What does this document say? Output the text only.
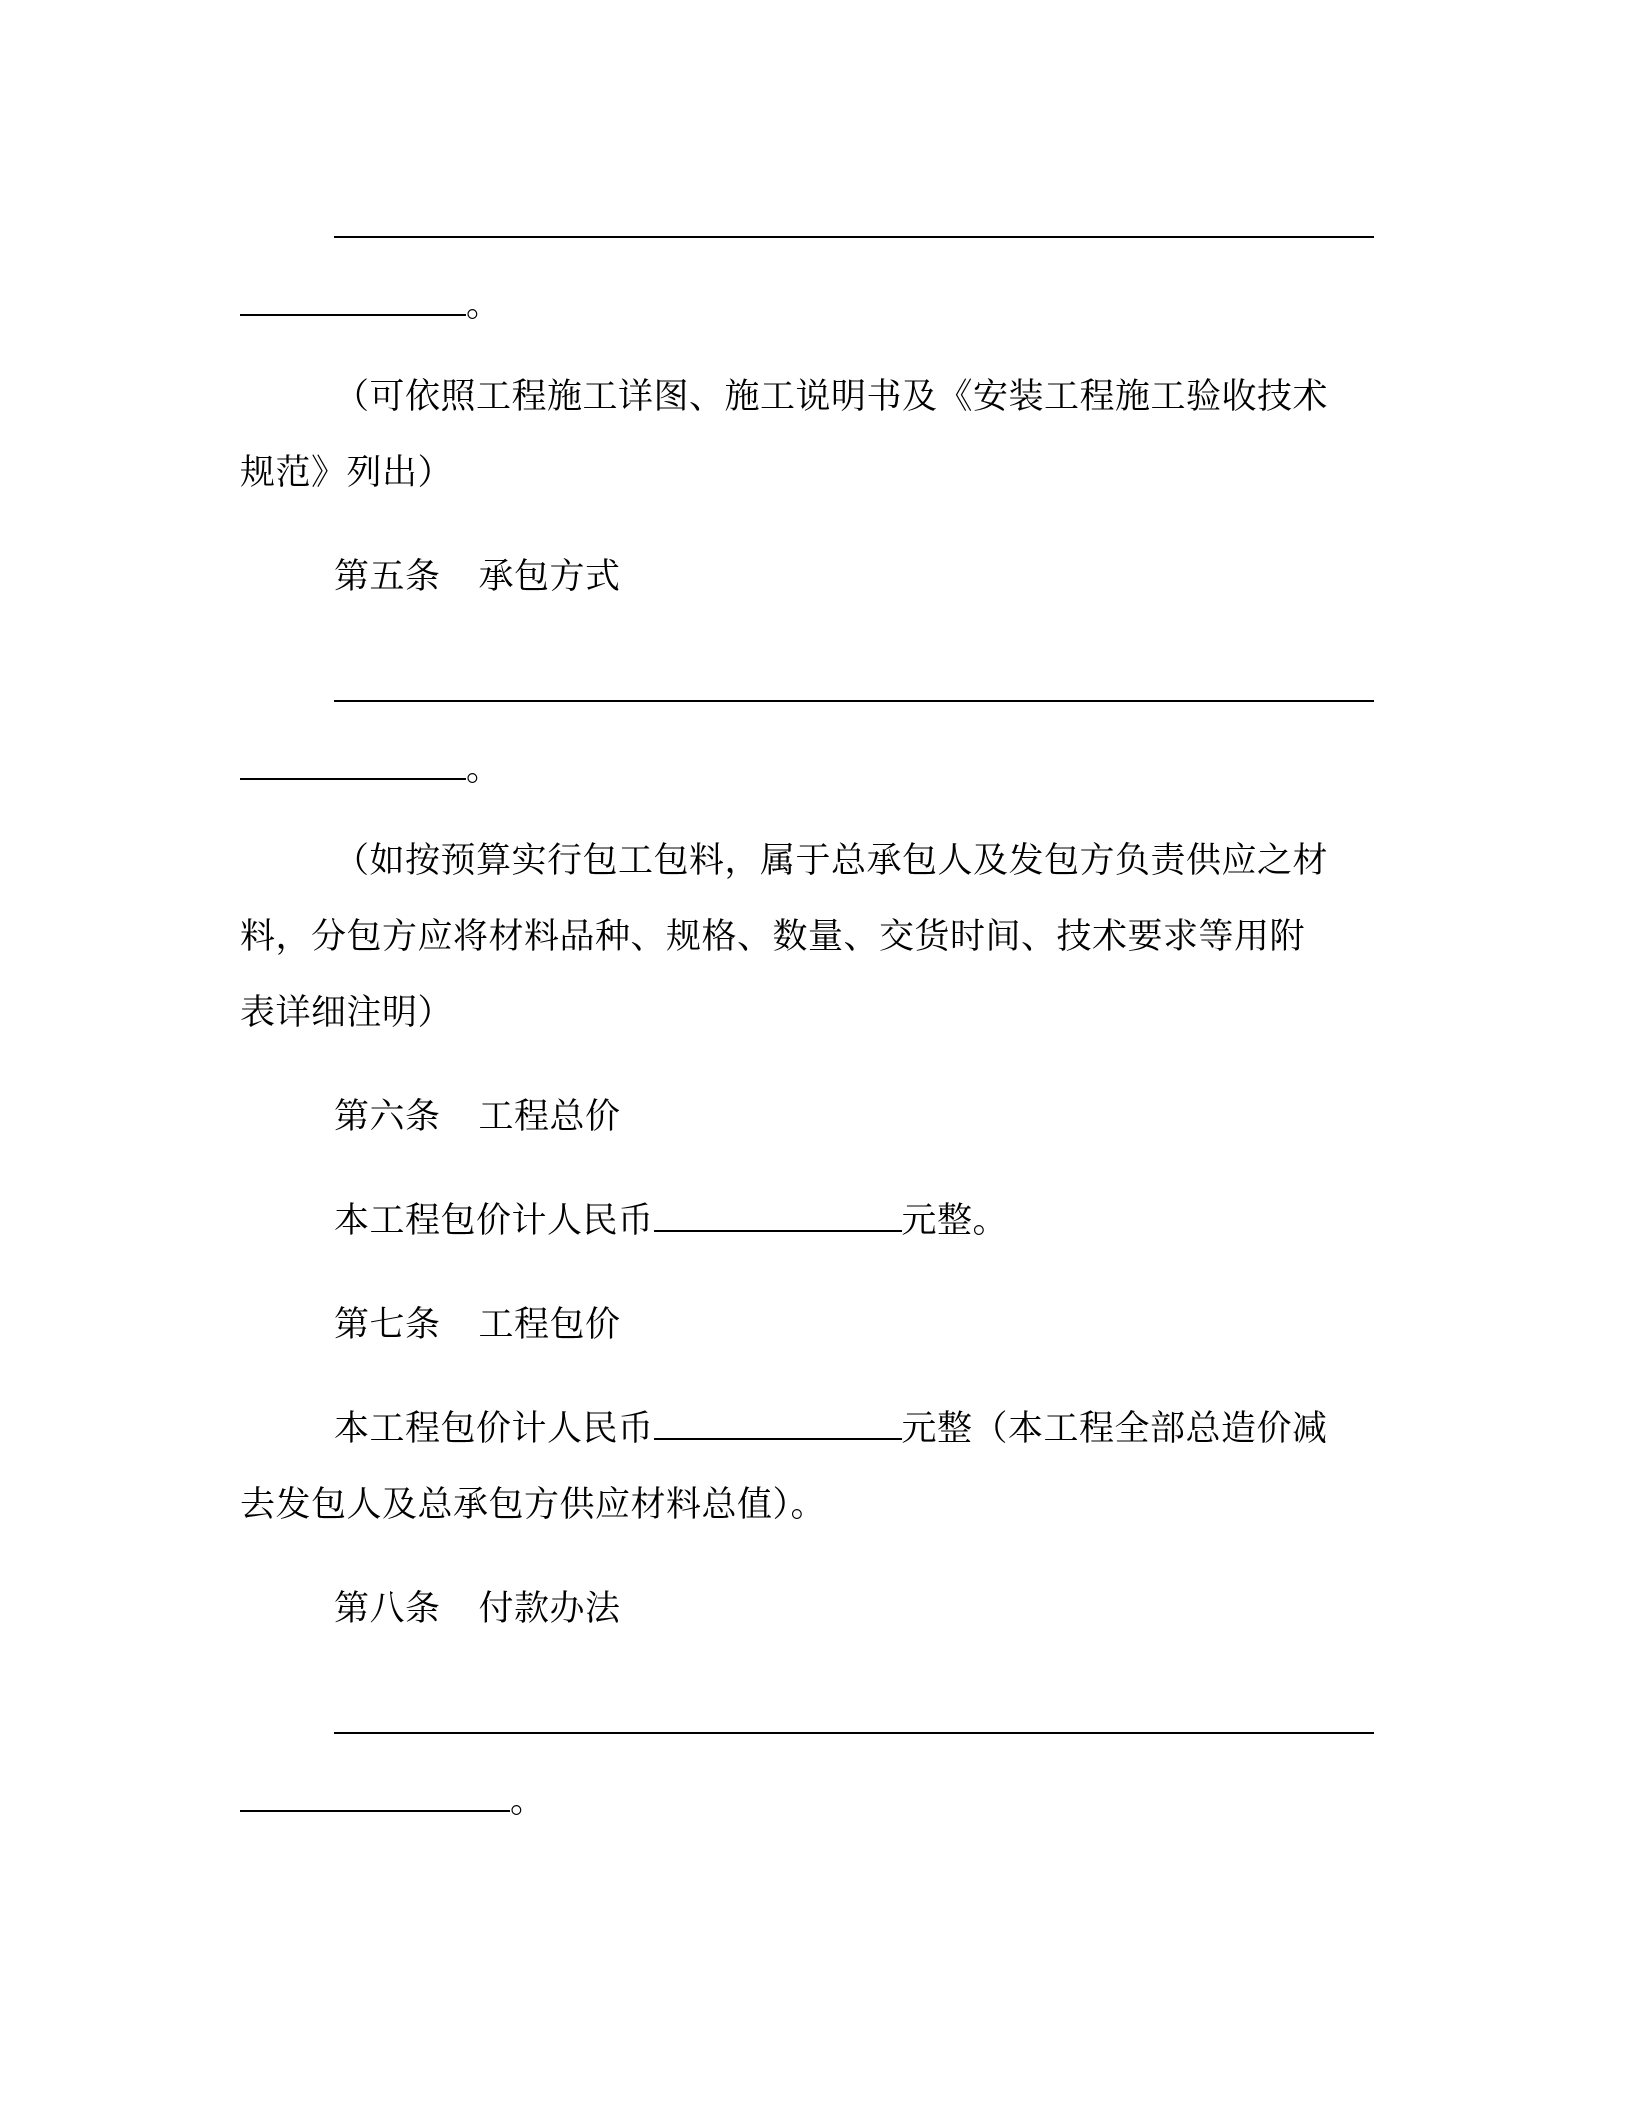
。
（可依照工程施工详图、施工说明书及《安装工程施工验收技术
规范》列出）
第五条 承包方式
。
（如按预算实行包工包料，属于总承包人及发包方负责供应之材
料，分包方应将材料品种、规格、数量、交货时间、技术要求等用附
表详细注明）
第六条 工程总价
本工程包价计人民币	元整。
第七条 工程包价
本工程包价计人民币	元整（本工程全部总造价减
去发包人及总承包方供应材料总值）。
第八条 付款办法
。
